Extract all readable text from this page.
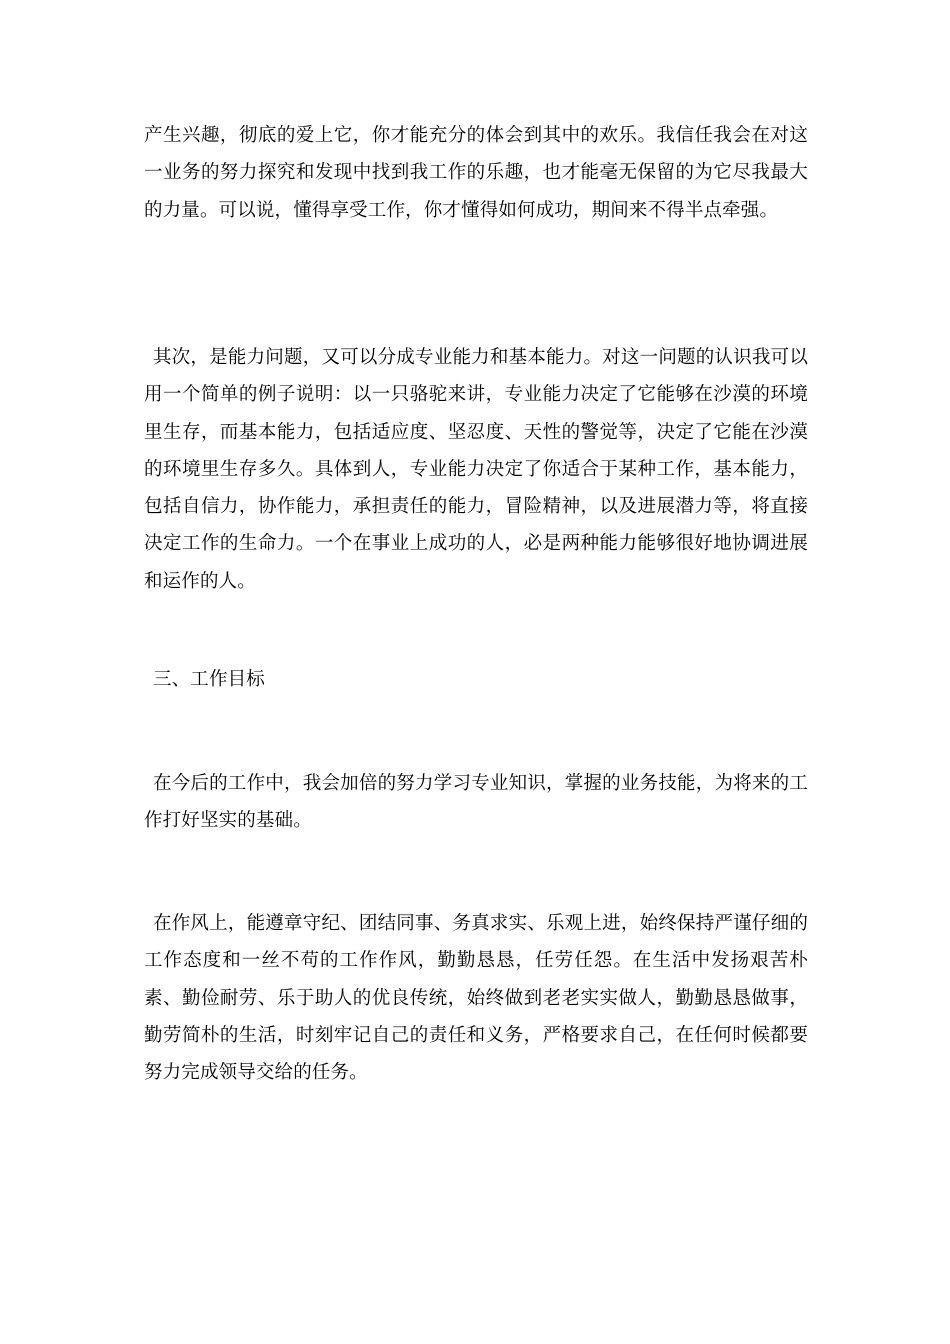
产生兴趣，彻底的爱上它，你才能充分的体会到其中的欢乐。我信任我会在对这一业务的努力探究和发现中找到我工作的乐趣，也才能毫无保留的为它尽我最大的力量。可以说，懂得享受工作，你才懂得如何成功，期间来不得半点牵强。

其次，是能力问题，又可以分成专业能力和基本能力。对这一问题的认识我可以用一个简单的例子说明：以一只骆驼来讲，专业能力决定了它能够在沙漠的环境里生存，而基本能力，包括适应度、坚忍度、天性的警觉等，决定了它能在沙漠的环境里生存多久。具体到人，专业能力决定了你适合于某种工作，基本能力，包括自信力，协作能力，承担责任的能力，冒险精神，以及进展潜力等，将直接决定工作的生命力。一个在事业上成功的人，必是两种能力能够很好地协调进展和运作的人。

三、工作目标

在今后的工作中，我会加倍的努力学习专业知识，掌握的业务技能，为将来的工作打好坚实的基础。

在作风上，能遵章守纪、团结同事、务真求实、乐观上进，始终保持严谨仔细的工作态度和一丝不苟的工作作风，勤勤恳恳，任劳任怨。在生活中发扬艰苦朴素、勤俭耐劳、乐于助人的优良传统，始终做到老老实实做人，勤勤恳恳做事，勤劳简朴的生活，时刻牢记自己的责任和义务，严格要求自己，在任何时候都要努力完成领导交给的任务。
